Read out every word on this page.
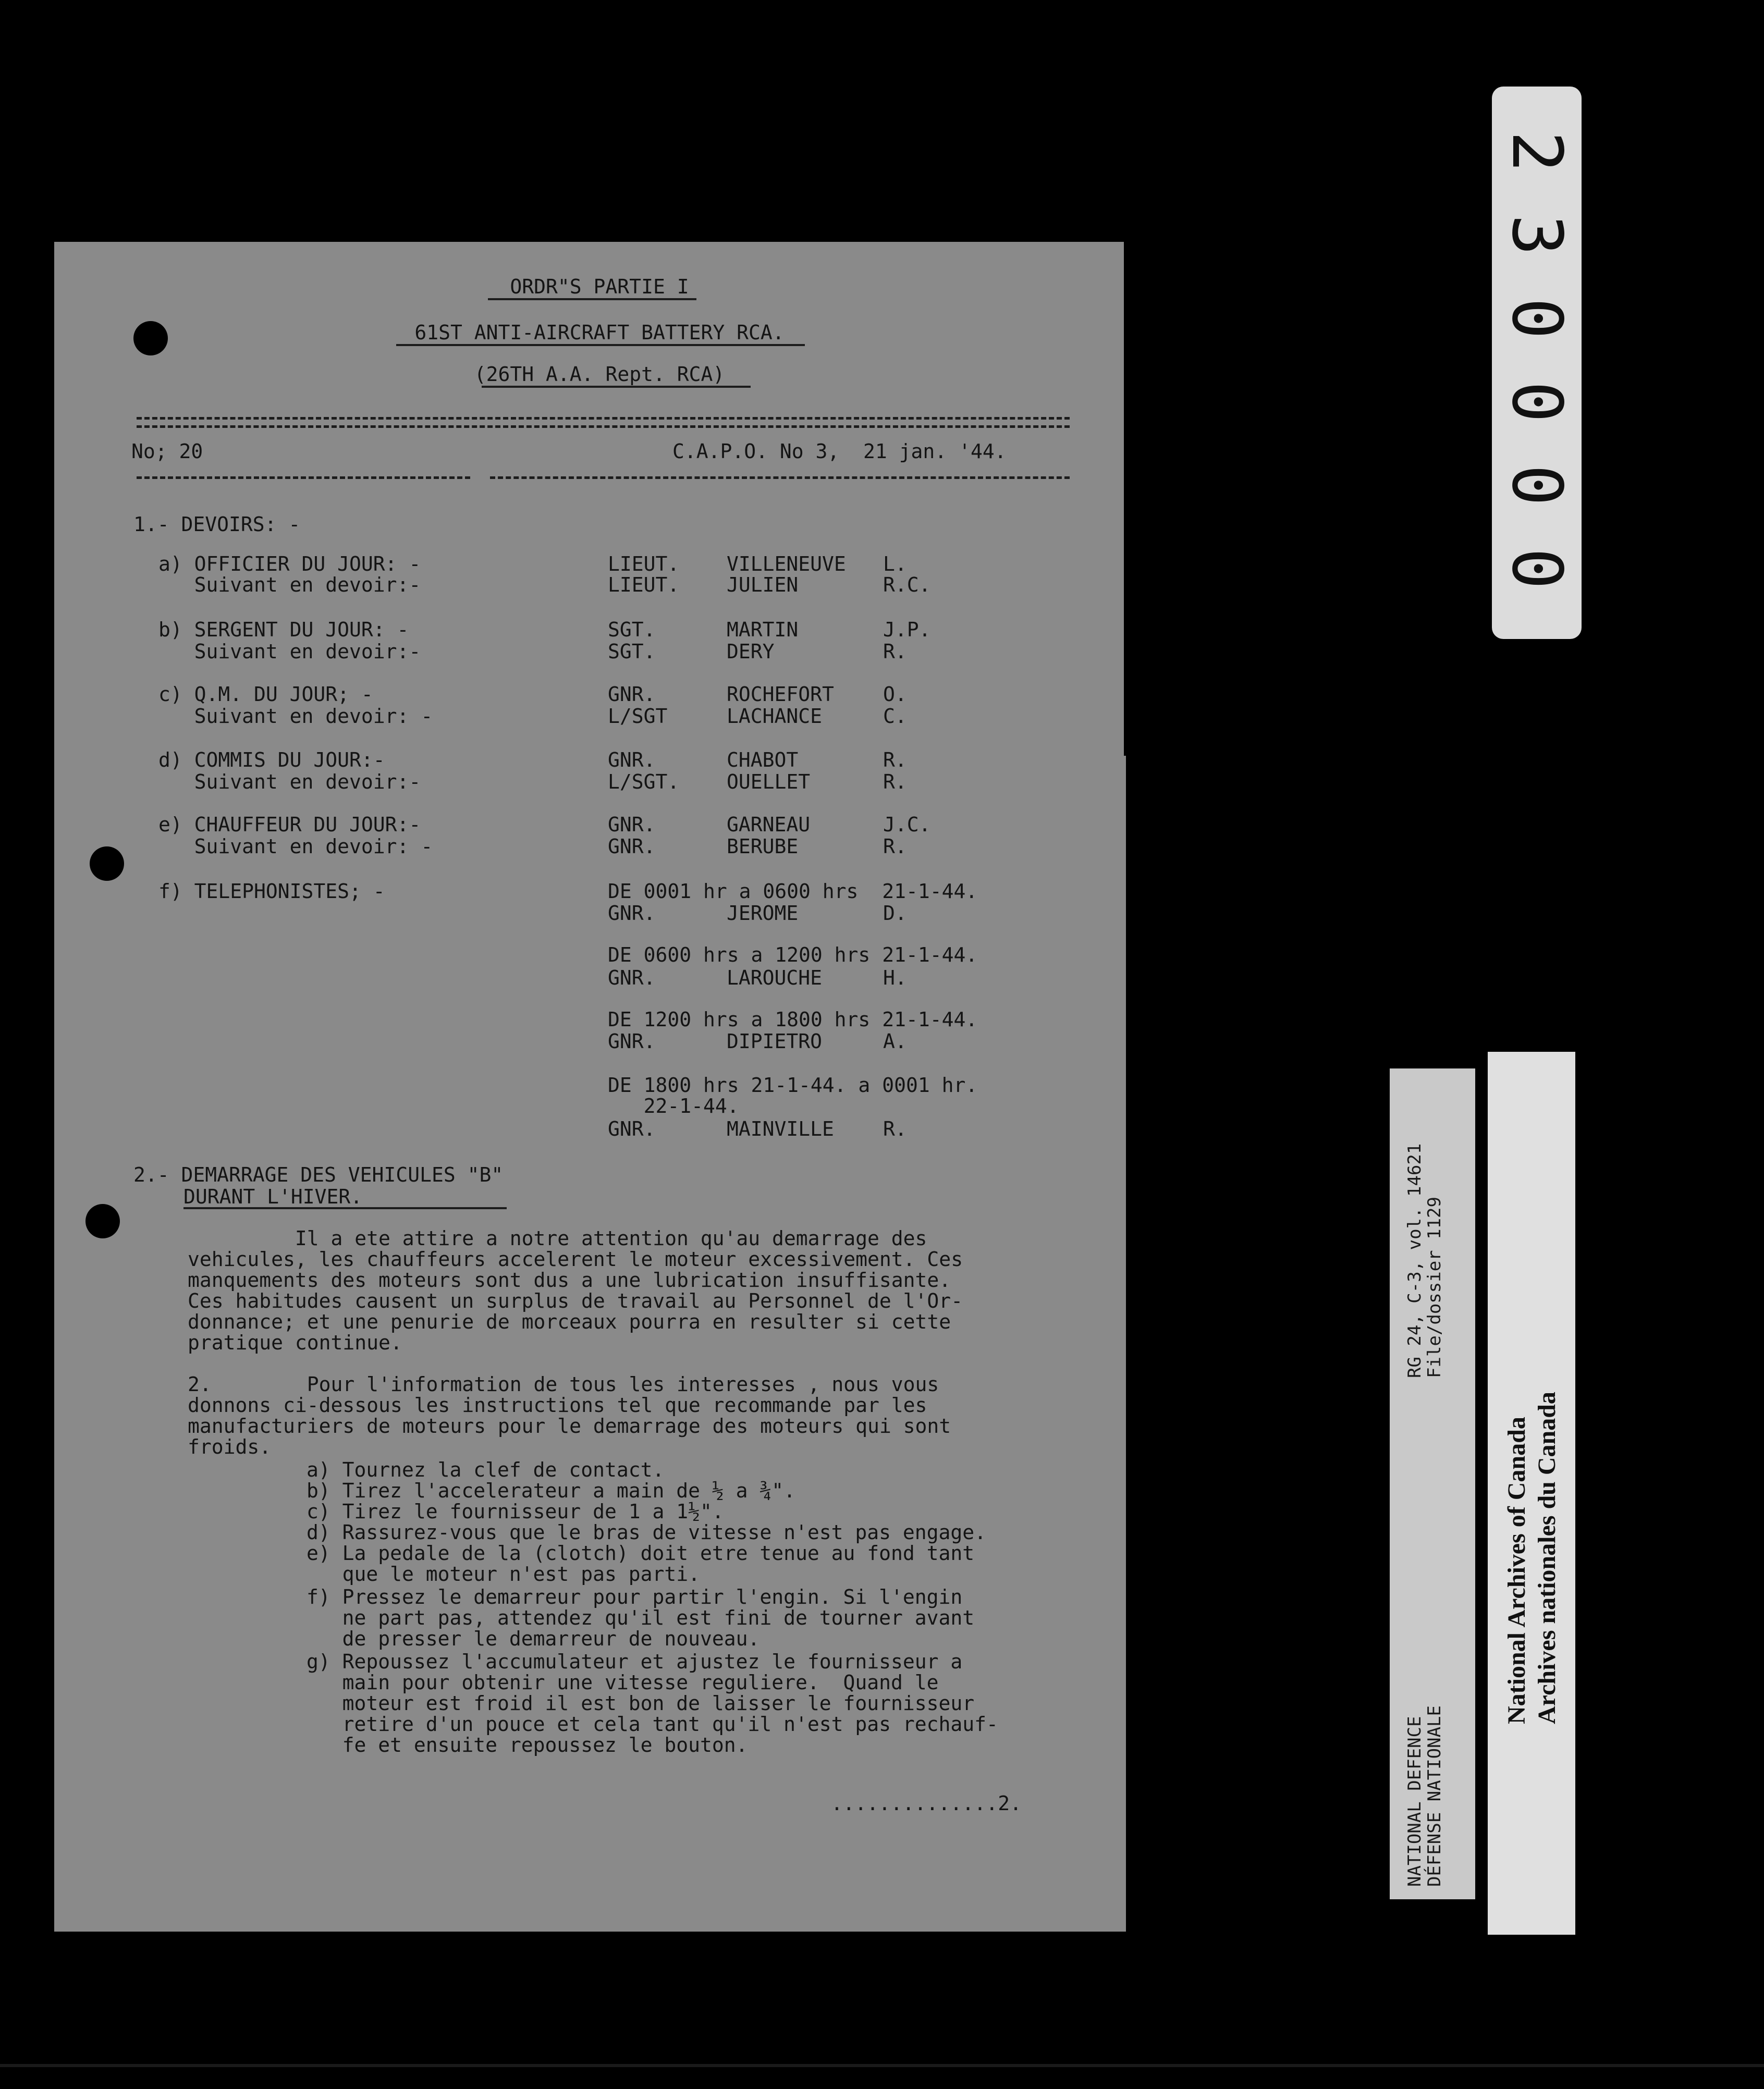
ORDR"S PARTIE I
61ST ANTI-AIRCRAFT BATTERY RCA.
(26TH A.A. Rept. RCA)
No; 20	C.A.P.O. No 3,  21 jan. '44.
1.- DEVOIRS: -
a) OFFICIER DU JOUR: -	LIEUT. VILLENEUVE L.
Suivant en devoir:-	LIEUT. JULIEN	R.C.
b) SERGENT DU JOUR: -	SGT.	MARTIN	J.P.
Suivant en devoir:-	SGT.	DERY	R.
c) Q.M. DU JOUR; -	GNR.	ROCHEFORT O.
Suivant en devoir: -	L/SGT	LACHANCE	C.
d) COMMIS DU JOUR:-	GNR.	CHABOT	R.
Suivant en devoir:-	L/SGT. OUELLET	R.
e) CHAUFFEUR DU JOUR:-	GNR.	GARNEAU	J.C.
Suivant en devoir: -	GNR.	BERUBE	R.
f) TELEPHONISTES; -	DE 0001 hr a 0600 hrs  21-1-44.
GNR.	JEROME	D.
DE 0600 hrs a 1200 hrs 21-1-44.
GNR.	LAROUCHE	H.
DE 1200 hrs a 1800 hrs 21-1-44.
GNR.	DIPIETRO	A.
DE 1800 hrs 21-1-44. a 0001 hr.
22-1-44.
GNR.	MAINVILLE R.
2.- DEMARRAGE DES VEHICULES "B"
DURANT L'HIVER.
Il a ete attire a notre attention qu'au demarrage des
vehicules, les chauffeurs accelerent le moteur excessivement. Ces
manquements des moteurs sont dus a une lubrication insuffisante.
Ces habitudes causent un surplus de travail au Personnel de l'Or-
donnance; et une penurie de morceaux pourra en resulter si cette
pratique continue.
2.        Pour l'information de tous les interesses , nous vous
donnons ci-dessous les instructions tel que recommande par les
manufacturiers de moteurs pour le demarrage des moteurs qui sont
froids.
a) Tournez la clef de contact.
b) Tirez l'accelerateur a main de ½ a ¾".
c) Tirez le fournisseur de 1 a 1½".
d) Rassurez-vous que le bras de vitesse n'est pas engage.
e) La pedale de la (clotch) doit etre tenue au fond tant
que le moteur n'est pas parti.
f) Pressez le demarreur pour partir l'engin. Si l'engin
ne part pas, attendez qu'il est fini de tourner avant
de presser le demarreur de nouveau.
g) Repoussez l'accumulateur et ajustez le fournisseur a
main pour obtenir une vitesse reguliere.  Quand le
moteur est froid il est bon de laisser le fournisseur
retire d'un pouce et cela tant qu'il n'est pas rechauf-
fe et ensuite repoussez le bouton.
..............2.
2
3
0
0
0
0
NATIONAL DEFENCE
DÉFENSE NATIONALE
RG 24, C-3, vol. 14621
File/dossier 1129
National Archives of Canada Archives nationales du Canada
